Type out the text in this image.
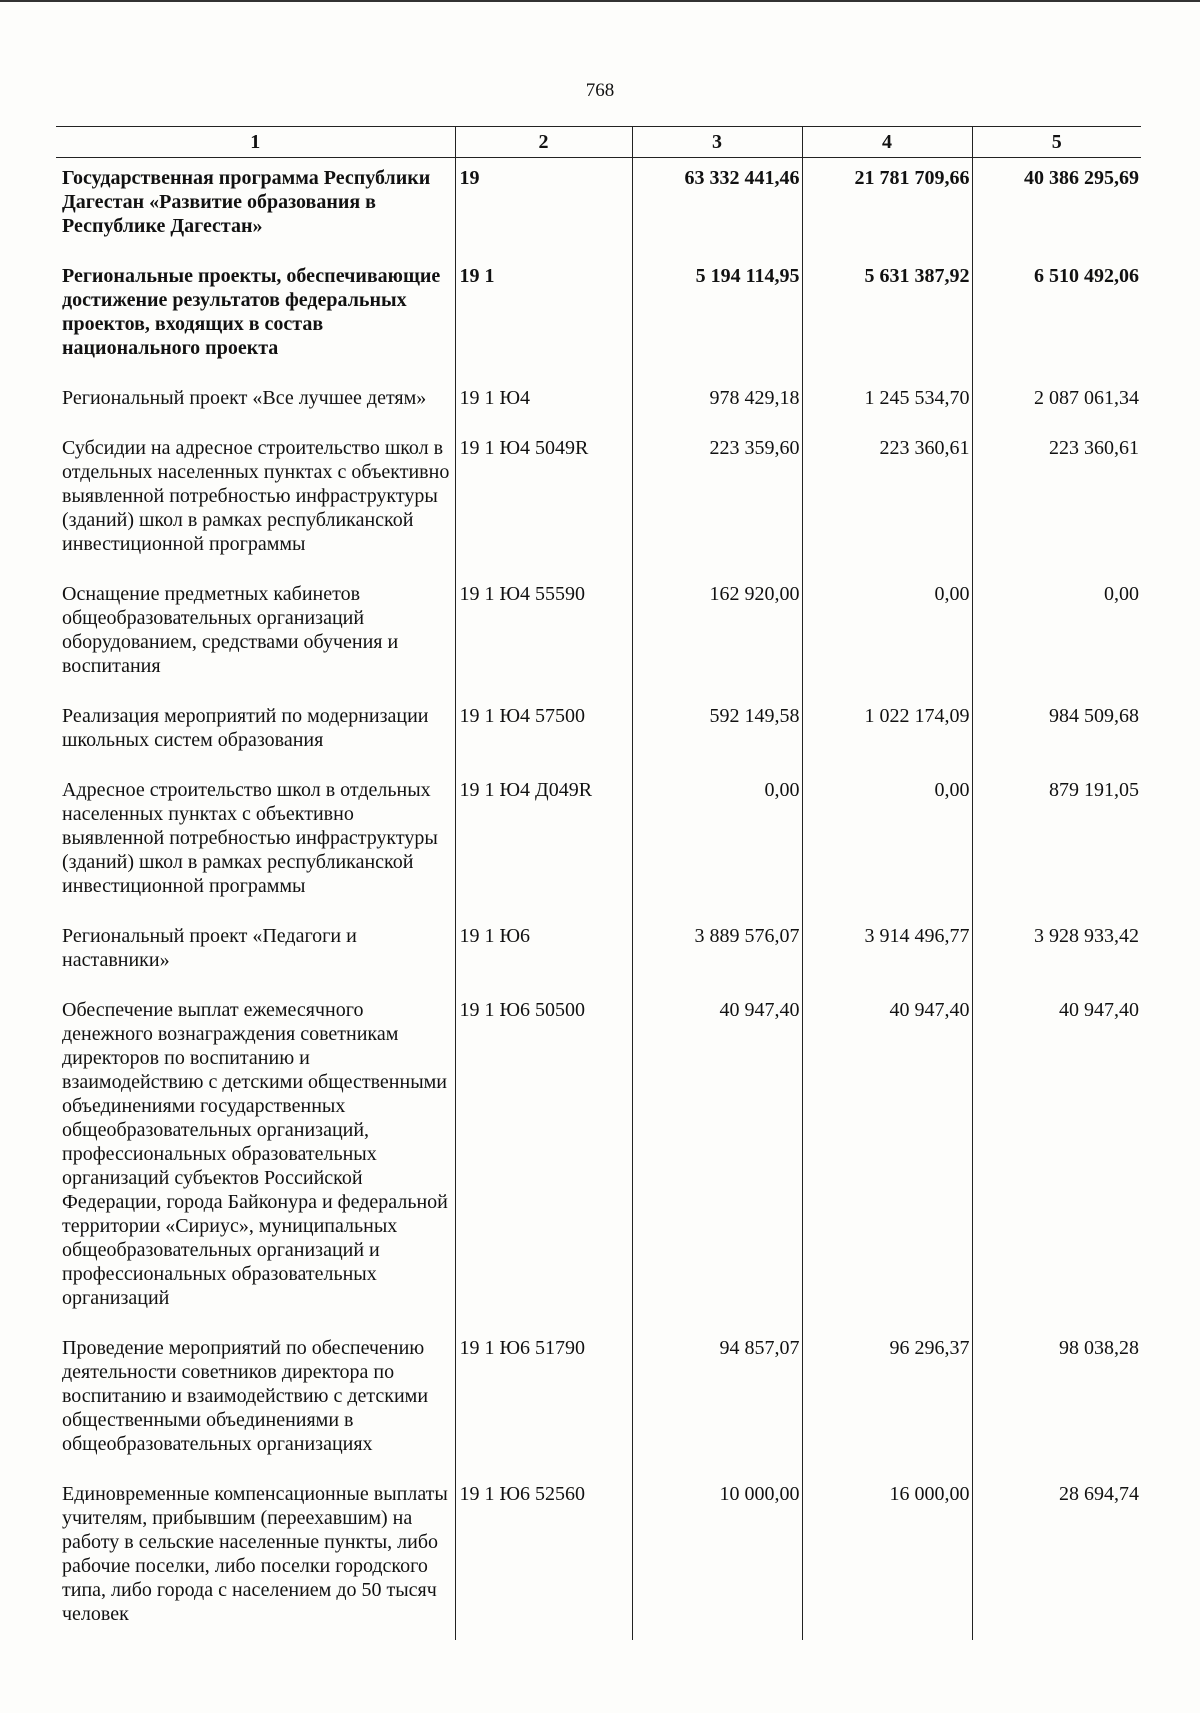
768
1	2	3	4	5
Государственная программа Республики Дагестан «Развитие образования в Республике Дагестан»	19	63 332 441,46	21 781 709,66	40 386 295,69
Региональные проекты, обеспечивающие достижение результатов федеральных проектов, входящих в состав национального проекта	19 1	5 194 114,95	5 631 387,92	6 510 492,06
Региональный проект «Все лучшее детям»	19 1 Ю4	978 429,18	1 245 534,70	2 087 061,34
Субсидии на адресное строительство школ в отдельных населенных пунктах с объективно выявленной потребностью инфраструктуры (зданий) школ в рамках республиканской инвестиционной программы	19 1 Ю4 5049R	223 359,60	223 360,61	223 360,61
Оснащение предметных кабинетов общеобразовательных организаций оборудованием, средствами обучения и воспитания	19 1 Ю4 55590	162 920,00	0,00	0,00
Реализация мероприятий по модернизации школьных систем образования	19 1 Ю4 57500	592 149,58	1 022 174,09	984 509,68
Адресное строительство школ в отдельных населенных пунктах с объективно выявленной потребностью инфраструктуры (зданий) школ в рамках республиканской инвестиционной программы	19 1 Ю4 Д049R	0,00	0,00	879 191,05
Региональный проект «Педагоги и наставники»	19 1 Ю6	3 889 576,07	3 914 496,77	3 928 933,42
Обеспечение выплат ежемесячного денежного вознаграждения советникам директоров по воспитанию и взаимодействию с детскими общественными объединениями государственных общеобразовательных организаций, профессиональных образовательных организаций субъектов Российской Федерации, города Байконура и федеральной территории «Сириус», муниципальных общеобразовательных организаций и профессиональных образовательных организаций	19 1 Ю6 50500	40 947,40	40 947,40	40 947,40
Проведение мероприятий по обеспечению деятельности советников директора по воспитанию и взаимодействию с детскими общественными объединениями в общеобразовательных организациях	19 1 Ю6 51790	94 857,07	96 296,37	98 038,28
Единовременные компенсационные выплаты учителям, прибывшим (переехавшим) на работу в сельские населенные пункты, либо рабочие поселки, либо поселки городского типа, либо города с населением до 50 тысяч человек	19 1 Ю6 52560	10 000,00	16 000,00	28 694,74
